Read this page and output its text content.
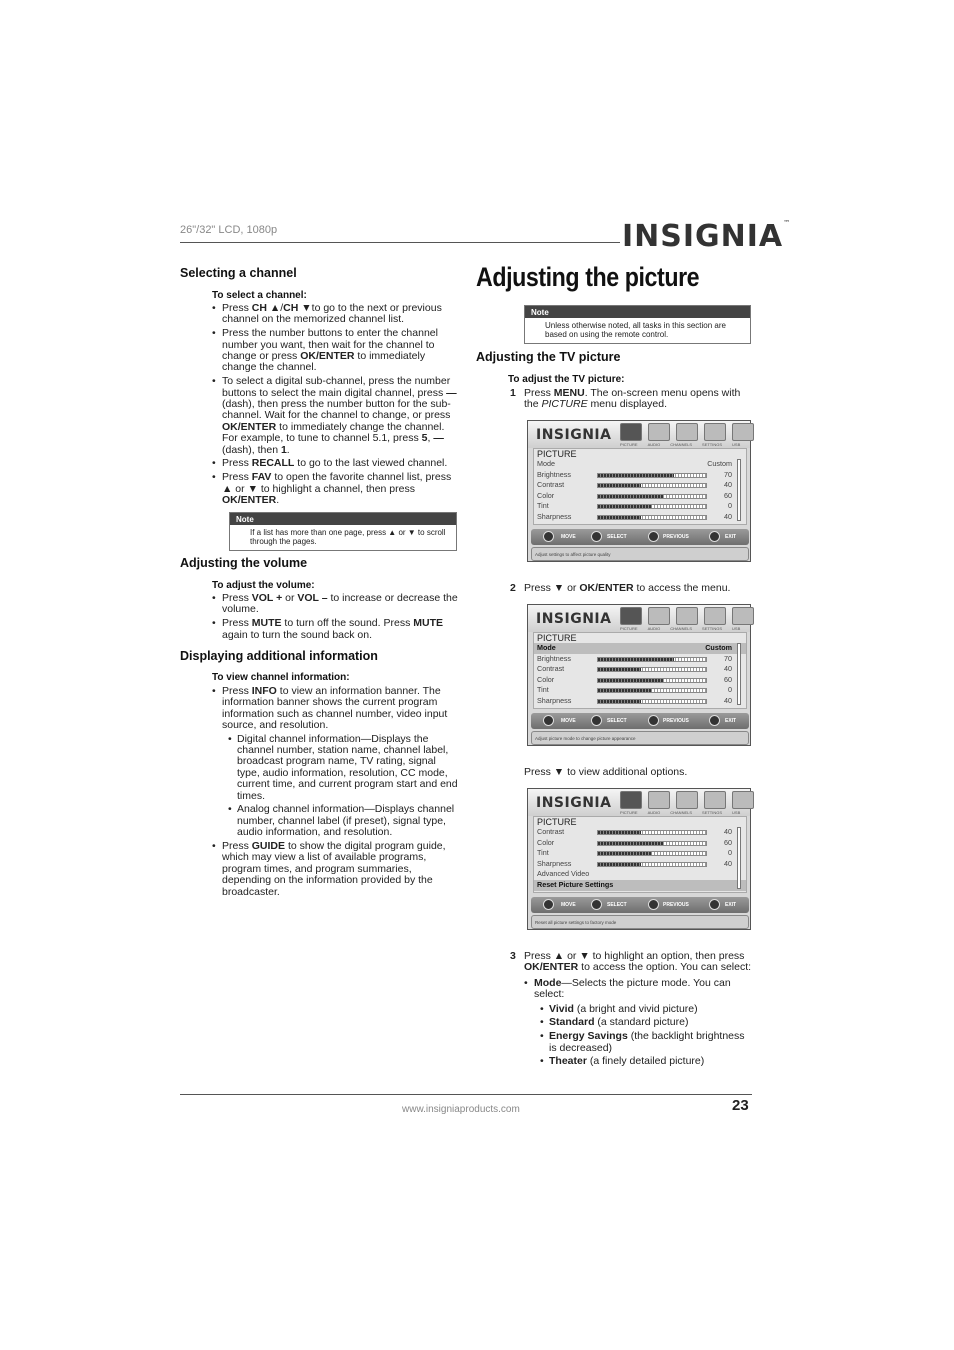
26"/32" LCD, 1080p	INSIGNIA™
Selecting a channel
To select a channel:
• Press CH ▲/CH ▼to go to the next or previous channel on the memorized channel list.
• Press the number buttons to enter the channel number you want, then wait for the channel to change or press OK/ENTER to immediately change the channel.
• To select a digital sub-channel, press the number buttons to select the main digital channel, press — (dash), then press the number button for the sub-channel. Wait for the channel to change, or press OK/ENTER to immediately change the channel. For example, to tune to channel 5.1, press 5, — (dash), then 1.
• Press RECALL to go to the last viewed channel.
• Press FAV to open the favorite channel list, press ▲ or ▼ to highlight a channel, then press OK/ENTER.
Note
If a list has more than one page, press ▲ or ▼ to scroll through the pages.
Adjusting the volume
To adjust the volume:
• Press VOL + or VOL – to increase or decrease the volume.
• Press MUTE to turn off the sound. Press MUTE again to turn the sound back on.
Displaying additional information
To view channel information:
• Press INFO to view an information banner. The information banner shows the current program information such as channel number, video input source, and resolution.
• Digital channel information—Displays the channel number, station name, channel label, broadcast program name, TV rating, signal type, audio information, resolution, CC mode, current time, and current program start and end times.
• Analog channel information—Displays channel number, channel label (if preset), signal type, audio information, and resolution.
• Press GUIDE to show the digital program guide, which may view a list of available programs, program times, and program summaries, depending on the information provided by the broadcaster.
Adjusting the picture
Note
Unless otherwise noted, all tasks in this section are based on using the remote control.
Adjusting the TV picture
To adjust the TV picture:
1 Press MENU. The on-screen menu opens with the PICTURE menu displayed.
INSIGNIA
PICTURE	AUDIO	CHANNELS	SETTINGS	USB
PICTURE
Mode	Custom
Brightness	70
Contrast	40
Color	60
Tint	0
Sharpness	40
MOVE	SELECT	PREVIOUS	EXIT
Adjust settings to affect picture quality
2 Press ▼ or OK/ENTER to access the menu.
INSIGNIA
PICTURE	AUDIO	CHANNELS	SETTINGS	USB
PICTURE
Mode	Custom
Brightness	70
Contrast	40
Color	60
Tint	0
Sharpness	40
MOVE	SELECT	PREVIOUS	EXIT
Adjust picture mode to change picture appearance
Press ▼ to view additional options.
INSIGNIA
PICTURE	AUDIO	CHANNELS	SETTINGS	USB
PICTURE
Contrast	40
Color	60
Tint	0
Sharpness	40
Advanced Video
Reset Picture Settings
MOVE	SELECT	PREVIOUS	EXIT
Reset all picture settings to factory mode
3 Press ▲ or ▼ to highlight an option, then press OK/ENTER to access the option. You can select:
• Mode—Selects the picture mode. You can select:
• Vivid (a bright and vivid picture)
• Standard (a standard picture)
• Energy Savings (the backlight brightness is decreased)
• Theater (a finely detailed picture)
www.insigniaproducts.com	23
